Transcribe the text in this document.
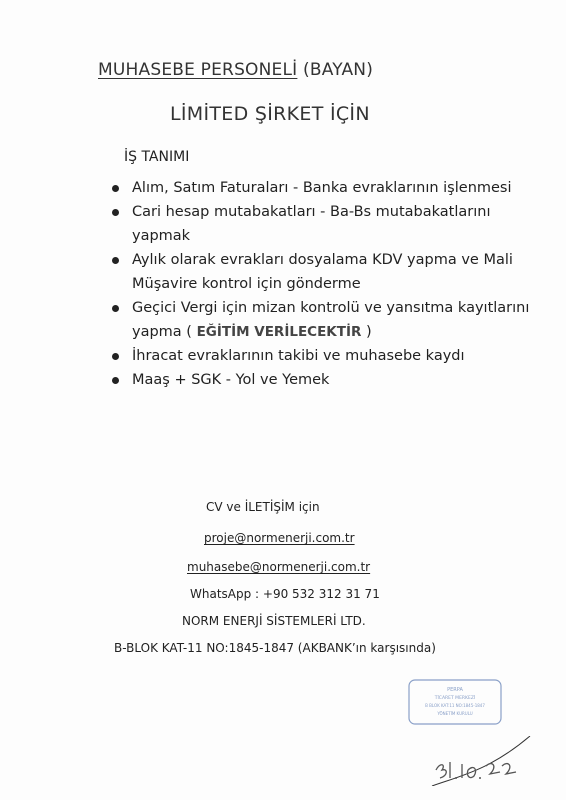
MUHASEBE PERSONELİ (BAYAN)
LİMİTED ŞİRKET İÇİN
İŞ TANIMI
Alım, Satım Faturaları - Banka evraklarının işlenmesi
Cari hesap mutabakatları - Ba-Bs mutabakatlarını yapmak
Aylık olarak evrakları dosyalama KDV yapma ve Mali Müşavire kontrol için gönderme
Geçici Vergi için mizan kontrolü ve yansıtma kayıtlarını yapma ( EĞİTİM VERİLECEKTİR )
İhracat evraklarının takibi ve muhasebe kaydı
Maaş + SGK - Yol ve Yemek
CV ve İLETİŞİM için
proje@normenerji.com.tr
muhasebe@normenerji.com.tr
WhatsApp : +90 532 312 31 71
NORM ENERJİ SİSTEMLERİ LTD.
B-BLOK KAT-11 NO:1845-1847 (AKBANK’ın karşısında)
PERPA
TİCARET MERKEZİ
B BLOK KAT:11 NO:1845-1847
YÖNETİM KURULU
